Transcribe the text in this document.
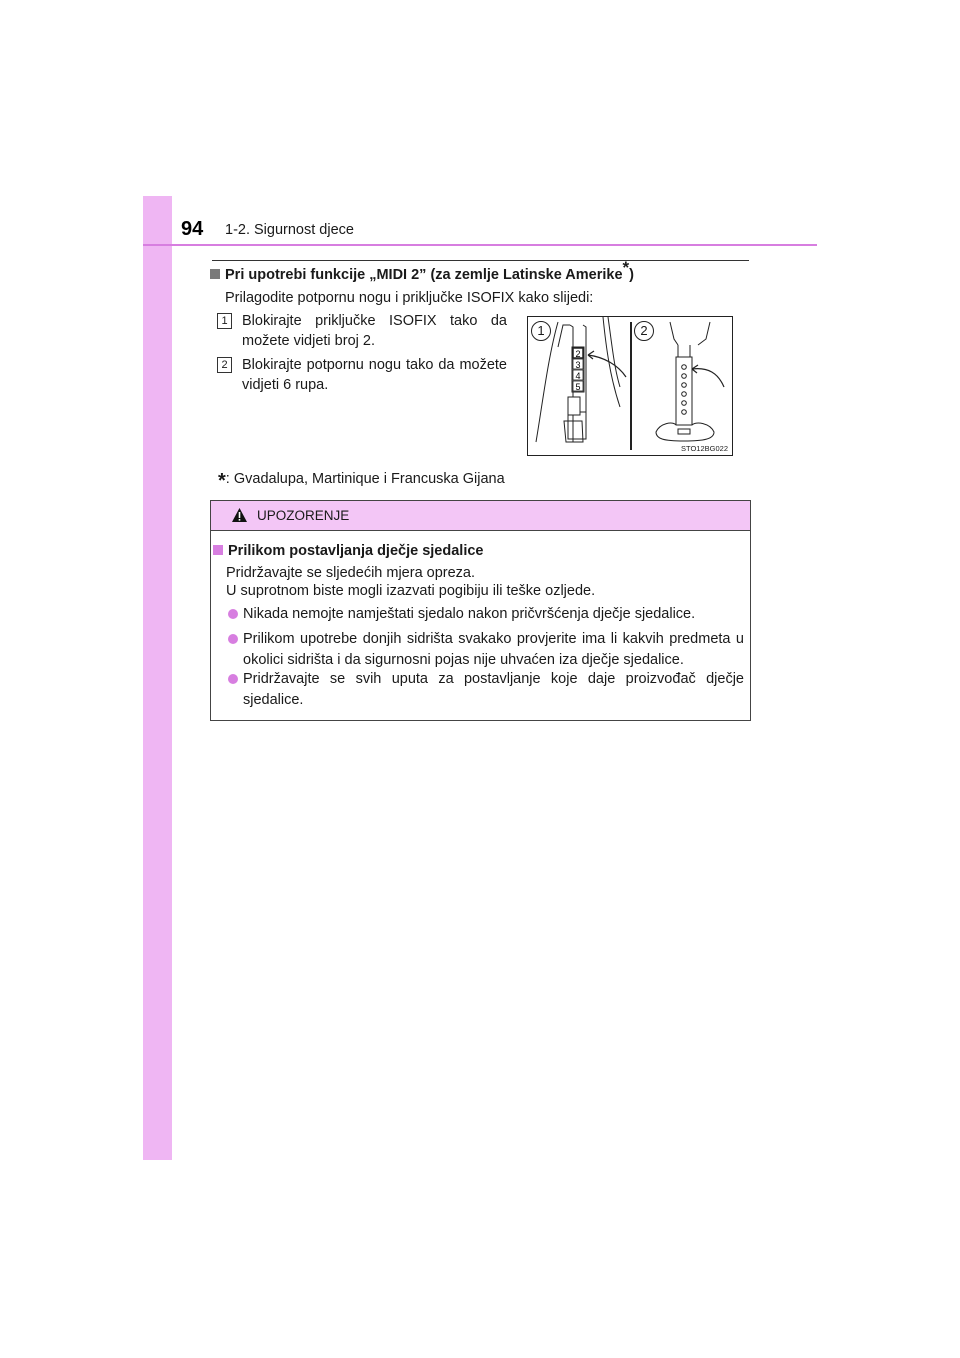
94 1-2. Sigurnost djece
Pri upotrebi funkcije „MIDI 2” (za zemlje Latinske Amerike*)
Prilagodite potpornu nogu i priključke ISOFIX kako slijedi:
1 Blokirajte priključke ISOFIX tako da možete vidjeti broj 2.
2 Blokirajte potpornu nogu tako da možete vidjeti 6 rupa.
2
3
4
5
1	2
STO12BG022
*: Gvadalupa, Martinique i Francuska Gijana
UPOZORENJE
Prilikom postavljanja dječje sjedalice
Pridržavajte se sljedećih mjera opreza.
U suprotnom biste mogli izazvati pogibiju ili teške ozljede.
Nikada nemojte namještati sjedalo nakon pričvršćenja dječje sjedalice.
Prilikom upotrebe donjih sidrišta svakako provjerite ima li kakvih predmeta u okolici sidrišta i da sigurnosni pojas nije uhvaćen iza dječje sjedalice.
Pridržavajte se svih uputa za postavljanje koje daje proizvođač dječje sjedalice.
